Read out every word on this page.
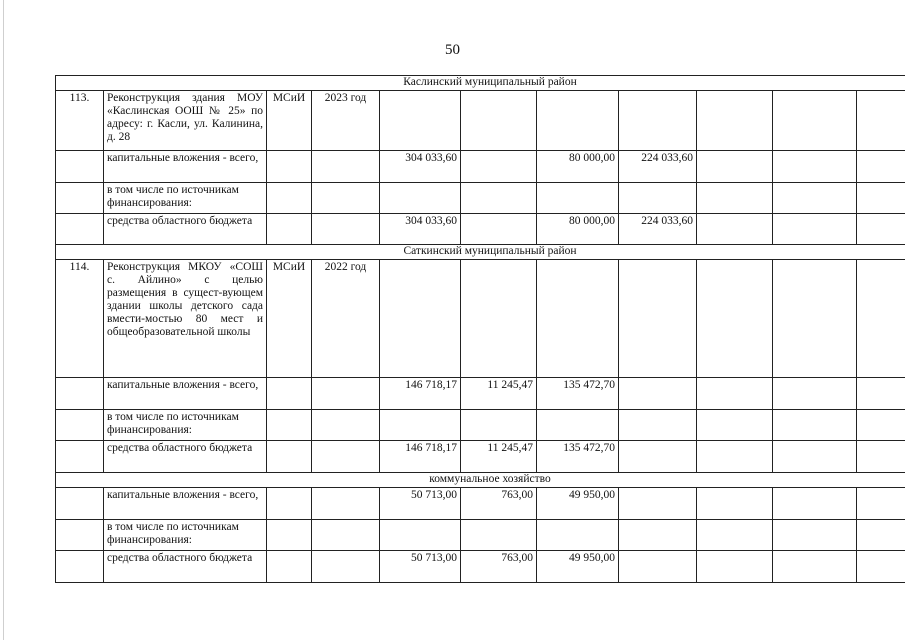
50
Каслинский муниципальный район										
113.	Реконструкция здания МОУ «Каслинская ООШ № 25» по адресу: г. Касли, ул. Калинина, д. 28	МСиИ	2023 год							
	капитальные вложения - всего,			304 033,60		80 000,00	224 033,60			
	в том числе по источникам финансирования:									
	средства областного бюджета			304 033,60		80 000,00	224 033,60			
Саткинский муниципальный район										
114.	Реконструкция МКОУ «СОШ с. Айлино» с целью размещения в сущест-вующем здании школы детского сада вмести-мостью 80 мест и общеобразовательной школы	МСиИ	2022 год							
	капитальные вложения - всего,			146 718,17	11 245,47	135 472,70				
	в том числе по источникам финансирования:									
	средства областного бюджета			146 718,17	11 245,47	135 472,70				
коммунальное хозяйство										
	капитальные вложения - всего,			50 713,00	763,00	49 950,00				
	в том числе по источникам финансирования:									
	средства областного бюджета			50 713,00	763,00	49 950,00				
